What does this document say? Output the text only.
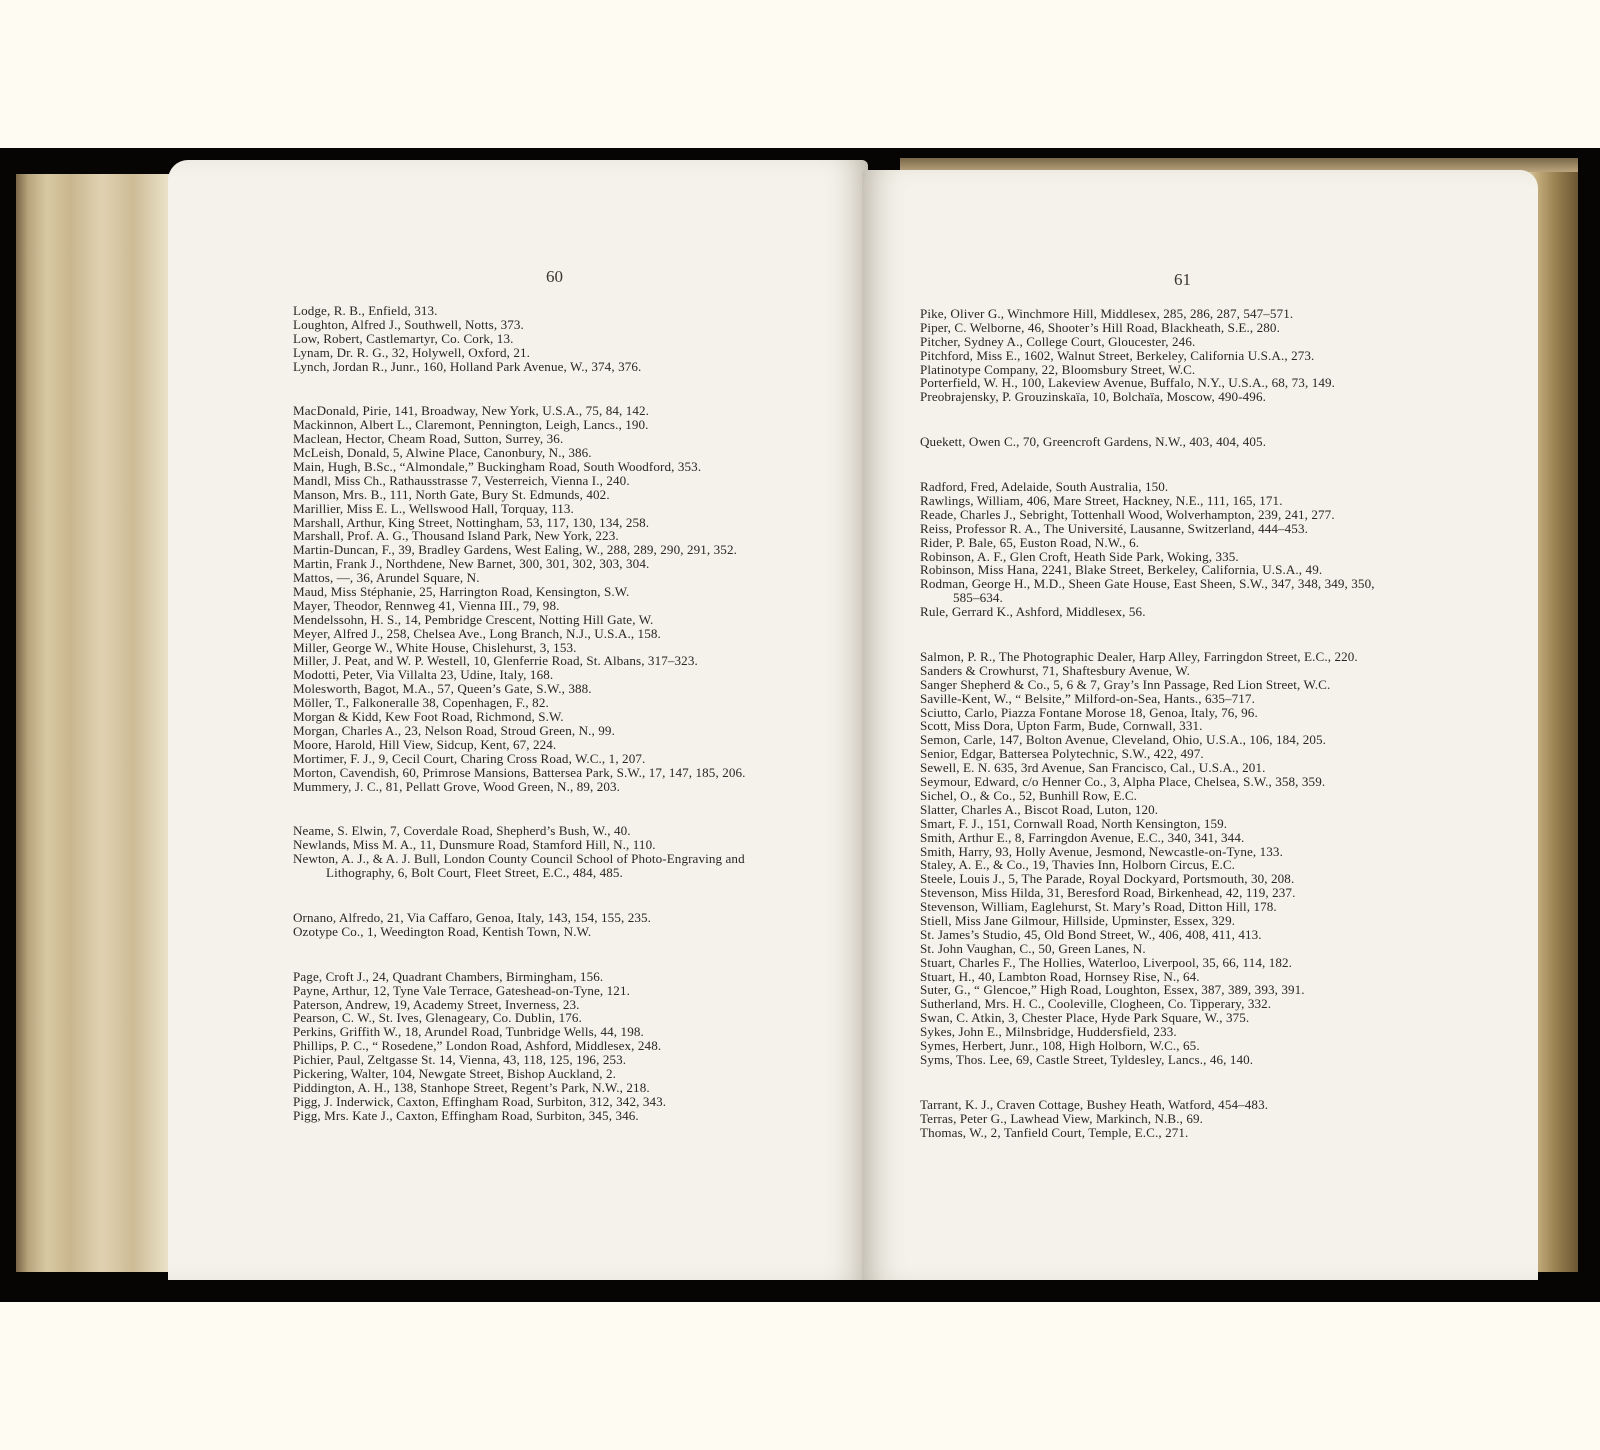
60
Lodge, R. B., Enfield, 313.
Loughton, Alfred J., Southwell, Notts, 373.
Low, Robert, Castlemartyr, Co. Cork, 13.
Lynam, Dr. R. G., 32, Holywell, Oxford, 21.
Lynch, Jordan R., Junr., 160, Holland Park Avenue, W., 374, 376.
MacDonald, Pirie, 141, Broadway, New York, U.S.A., 75, 84, 142.
Mackinnon, Albert L., Claremont, Pennington, Leigh, Lancs., 190.
Maclean, Hector, Cheam Road, Sutton, Surrey, 36.
McLeish, Donald, 5, Alwine Place, Canonbury, N., 386.
Main, Hugh, B.Sc., “Almondale,” Buckingham Road, South Woodford, 353.
Mandl, Miss Ch., Rathausstrasse 7, Vesterreich, Vienna I., 240.
Manson, Mrs. B., 111, North Gate, Bury St. Edmunds, 402.
Marillier, Miss E. L., Wellswood Hall, Torquay, 113.
Marshall, Arthur, King Street, Nottingham, 53, 117, 130, 134, 258.
Marshall, Prof. A. G., Thousand Island Park, New York, 223.
Martin-Duncan, F., 39, Bradley Gardens, West Ealing, W., 288, 289, 290, 291, 352.
Martin, Frank J., Northdene, New Barnet, 300, 301, 302, 303, 304.
Mattos, —, 36, Arundel Square, N.
Maud, Miss Stéphanie, 25, Harrington Road, Kensington, S.W.
Mayer, Theodor, Rennweg 41, Vienna III., 79, 98.
Mendelssohn, H. S., 14, Pembridge Crescent, Notting Hill Gate, W.
Meyer, Alfred J., 258, Chelsea Ave., Long Branch, N.J., U.S.A., 158.
Miller, George W., White House, Chislehurst, 3, 153.
Miller, J. Peat, and W. P. Westell, 10, Glenferrie Road, St. Albans, 317–323.
Modotti, Peter, Via Villalta 23, Udine, Italy, 168.
Molesworth, Bagot, M.A., 57, Queen’s Gate, S.W., 388.
Möller, T., Falkoneralle 38, Copenhagen, F., 82.
Morgan & Kidd, Kew Foot Road, Richmond, S.W.
Morgan, Charles A., 23, Nelson Road, Stroud Green, N., 99.
Moore, Harold, Hill View, Sidcup, Kent, 67, 224.
Mortimer, F. J., 9, Cecil Court, Charing Cross Road, W.C., 1, 207.
Morton, Cavendish, 60, Primrose Mansions, Battersea Park, S.W., 17, 147, 185, 206.
Mummery, J. C., 81, Pellatt Grove, Wood Green, N., 89, 203.
Neame, S. Elwin, 7, Coverdale Road, Shepherd’s Bush, W., 40.
Newlands, Miss M. A., 11, Dunsmure Road, Stamford Hill, N., 110.
Newton, A. J., & A. J. Bull, London County Council School of Photo-Engraving and
Lithography, 6, Bolt Court, Fleet Street, E.C., 484, 485.
Ornano, Alfredo, 21, Via Caffaro, Genoa, Italy, 143, 154, 155, 235.
Ozotype Co., 1, Weedington Road, Kentish Town, N.W.
Page, Croft J., 24, Quadrant Chambers, Birmingham, 156.
Payne, Arthur, 12, Tyne Vale Terrace, Gateshead-on-Tyne, 121.
Paterson, Andrew, 19, Academy Street, Inverness, 23.
Pearson, C. W., St. Ives, Glenageary, Co. Dublin, 176.
Perkins, Griffith W., 18, Arundel Road, Tunbridge Wells, 44, 198.
Phillips, P. C., “ Rosedene,” London Road, Ashford, Middlesex, 248.
Pichier, Paul, Zeltgasse St. 14, Vienna, 43, 118, 125, 196, 253.
Pickering, Walter, 104, Newgate Street, Bishop Auckland, 2.
Piddington, A. H., 138, Stanhope Street, Regent’s Park, N.W., 218.
Pigg, J. Inderwick, Caxton, Effingham Road, Surbiton, 312, 342, 343.
Pigg, Mrs. Kate J., Caxton, Effingham Road, Surbiton, 345, 346.
61
Pike, Oliver G., Winchmore Hill, Middlesex, 285, 286, 287, 547–571.
Piper, C. Welborne, 46, Shooter’s Hill Road, Blackheath, S.E., 280.
Pitcher, Sydney A., College Court, Gloucester, 246.
Pitchford, Miss E., 1602, Walnut Street, Berkeley, California U.S.A., 273.
Platinotype Company, 22, Bloomsbury Street, W.C.
Porterfield, W. H., 100, Lakeview Avenue, Buffalo, N.Y., U.S.A., 68, 73, 149.
Preobrajensky, P. Grouzinskaïa, 10, Bolchaïa, Moscow, 490-496.
Quekett, Owen C., 70, Greencroft Gardens, N.W., 403, 404, 405.
Radford, Fred, Adelaide, South Australia, 150.
Rawlings, William, 406, Mare Street, Hackney, N.E., 111, 165, 171.
Reade, Charles J., Sebright, Tottenhall Wood, Wolverhampton, 239, 241, 277.
Reiss, Professor R. A., The Université, Lausanne, Switzerland, 444–453.
Rider, P. Bale, 65, Euston Road, N.W., 6.
Robinson, A. F., Glen Croft, Heath Side Park, Woking, 335.
Robinson, Miss Hana, 2241, Blake Street, Berkeley, California, U.S.A., 49.
Rodman, George H., M.D., Sheen Gate House, East Sheen, S.W., 347, 348, 349, 350,
585–634.
Rule, Gerrard K., Ashford, Middlesex, 56.
Salmon, P. R., The Photographic Dealer, Harp Alley, Farringdon Street, E.C., 220.
Sanders & Crowhurst, 71, Shaftesbury Avenue, W.
Sanger Shepherd & Co., 5, 6 & 7, Gray’s Inn Passage, Red Lion Street, W.C.
Saville-Kent, W., “ Belsite,” Milford-on-Sea, Hants., 635–717.
Sciutto, Carlo, Piazza Fontane Morose 18, Genoa, Italy, 76, 96.
Scott, Miss Dora, Upton Farm, Bude, Cornwall, 331.
Semon, Carle, 147, Bolton Avenue, Cleveland, Ohio, U.S.A., 106, 184, 205.
Senior, Edgar, Battersea Polytechnic, S.W., 422, 497.
Sewell, E. N. 635, 3rd Avenue, San Francisco, Cal., U.S.A., 201.
Seymour, Edward, c/o Henner Co., 3, Alpha Place, Chelsea, S.W., 358, 359.
Sichel, O., & Co., 52, Bunhill Row, E.C.
Slatter, Charles A., Biscot Road, Luton, 120.
Smart, F. J., 151, Cornwall Road, North Kensington, 159.
Smith, Arthur E., 8, Farringdon Avenue, E.C., 340, 341, 344.
Smith, Harry, 93, Holly Avenue, Jesmond, Newcastle-on-Tyne, 133.
Staley, A. E., & Co., 19, Thavies Inn, Holborn Circus, E.C.
Steele, Louis J., 5, The Parade, Royal Dockyard, Portsmouth, 30, 208.
Stevenson, Miss Hilda, 31, Beresford Road, Birkenhead, 42, 119, 237.
Stevenson, William, Eaglehurst, St. Mary’s Road, Ditton Hill, 178.
Stiell, Miss Jane Gilmour, Hillside, Upminster, Essex, 329.
St. James’s Studio, 45, Old Bond Street, W., 406, 408, 411, 413.
St. John Vaughan, C., 50, Green Lanes, N.
Stuart, Charles F., The Hollies, Waterloo, Liverpool, 35, 66, 114, 182.
Stuart, H., 40, Lambton Road, Hornsey Rise, N., 64.
Suter, G., “ Glencoe,” High Road, Loughton, Essex, 387, 389, 393, 391.
Sutherland, Mrs. H. C., Cooleville, Clogheen, Co. Tipperary, 332.
Swan, C. Atkin, 3, Chester Place, Hyde Park Square, W., 375.
Sykes, John E., Milnsbridge, Huddersfield, 233.
Symes, Herbert, Junr., 108, High Holborn, W.C., 65.
Syms, Thos. Lee, 69, Castle Street, Tyldesley, Lancs., 46, 140.
Tarrant, K. J., Craven Cottage, Bushey Heath, Watford, 454–483.
Terras, Peter G., Lawhead View, Markinch, N.B., 69.
Thomas, W., 2, Tanfield Court, Temple, E.C., 271.
